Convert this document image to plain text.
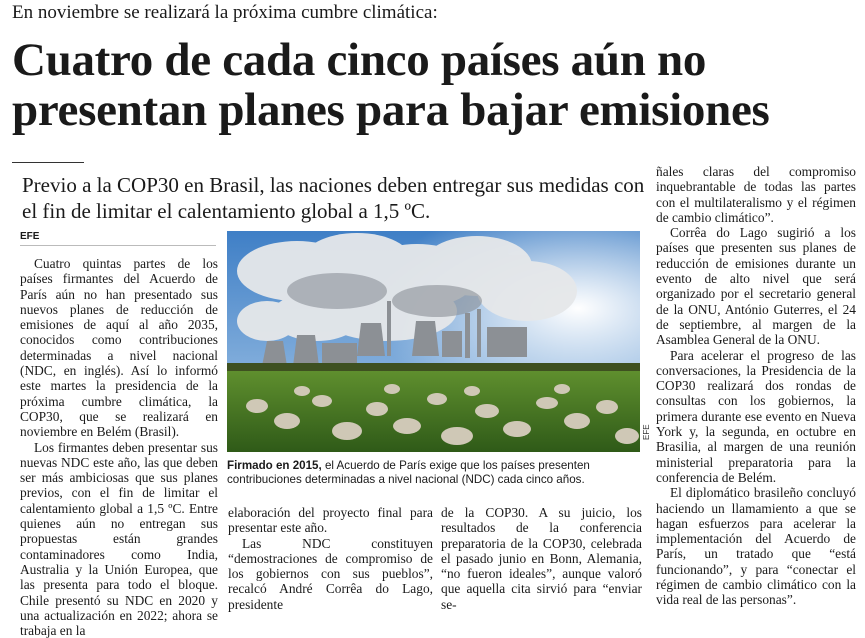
En noviembre se realizará la próxima cumbre climática:
Cuatro de cada cinco países aún no presentan planes para bajar emisiones
Previo a la COP30 en Brasil, las naciones deben entregar sus medidas con el fin de limitar el calentamiento global a 1,5 ºC.
EFE

Cuatro quintas partes de los países firmantes del Acuerdo de París aún no han presentado sus nuevos planes de reducción de emisiones de aquí al año 2035, conocidos como contribuciones determinadas a nivel nacional (NDC, en inglés). Así lo informó este martes la presidencia de la próxima cumbre climática, la COP30, que se realizará en noviembre en Belém (Brasil).

Los firmantes deben presentar sus nuevas NDC este año, las que deben ser más ambiciosas que sus planes previos, con el fin de limitar el calentamiento global a 1,5 ºC. Entre quienes aún no entregan sus propuestas están grandes contaminadores como India, Australia y la Unión Europea, que las presenta para todo el bloque. Chile presentó su NDC en 2020 y una actualización en 2022; ahora se trabaja en la

EFE
Firmado en 2015, el Acuerdo de París exige que los países presenten contribuciones determinadas a nivel nacional (NDC) cada cinco años.

elaboración del proyecto final para presentar este año.

Las NDC constituyen “demostraciones de compromiso de los gobiernos con sus pueblos”, recalcó André Corrêa do Lago, presidente

de la COP30. A su juicio, los resultados de la conferencia preparatoria de la COP30, celebrada el pasado junio en Bonn, Alemania, “no fueron ideales”, aunque valoró que aquella cita sirvió para “enviar se-

ñales claras del compromiso inquebrantable de todas las partes con el multilateralismo y el régimen de cambio climático”.

Corrêa do Lago sugirió a los países que presenten sus planes de reducción de emisiones durante un evento de alto nivel que será organizado por el secretario general de la ONU, António Guterres, el 24 de septiembre, al margen de la Asamblea General de la ONU.

Para acelerar el progreso de las conversaciones, la Presidencia de la COP30 realizará dos rondas de consultas con los gobiernos, la primera durante ese evento en Nueva York y, la segunda, en octubre en Brasilia, al margen de una reunión ministerial preparatoria para la conferencia de Belém.

El diplomático brasileño concluyó haciendo un llamamiento a que se hagan esfuerzos para acelerar la implementación del Acuerdo de París, un tratado que “está funcionando”, y para “conectar el régimen de cambio climático con la vida real de las personas”.
